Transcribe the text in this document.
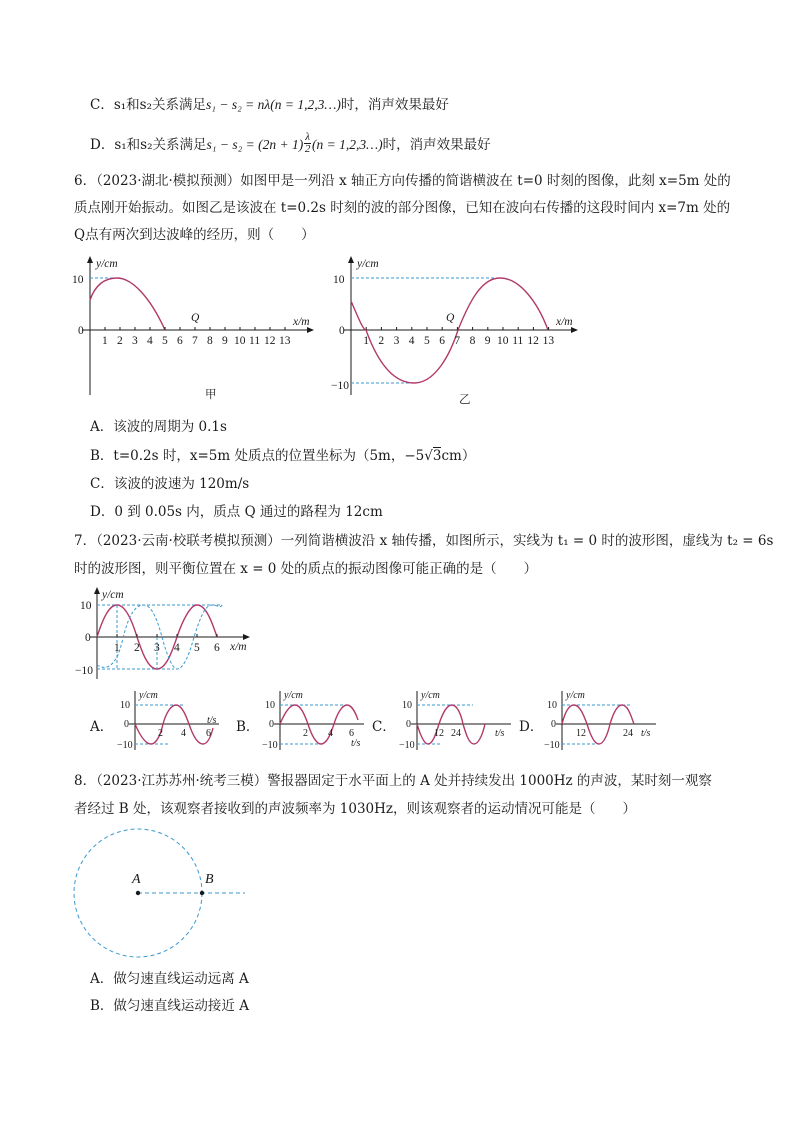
C．s₁和s₂关系满足s₁ − s₂ = nλ(n = 1,2,3…)时，消声效果最好
D．s₁和s₂关系满足$s_1 - s_2 = (2n + 1) \frac{\lambda}{2} (n$ = 1,2,3…)时，消声效果最好
6．（2023·湖北·模拟预测）如图甲是一列沿 x 轴正方向传播的简谐横波在 t=0 时刻的图像，此刻 x=5m 处的
质点刚开始振动。如图乙是该波在 t=0.2s 时刻的波的部分图像，已知在波向右传播的这段时间内 x=7m 处的
Q点有两次到达波峰的经历，则（　　）
y/cm
x/m
10
0
1 2 3 4 5 6 7 8 9 10 11 12 13
Q
甲
y/cm
x/m
10
−10
0
1 2 3 4 5 6 7 8 9 10 11 12 13
Q
乙
A．该波的周期为 0.1s
B．t=0.2s 时，x=5m 处质点的位置坐标为（5m，−5√3cm）
C．该波的波速为 120m/s
D．0 到 0.05s 内，质点 Q 通过的路程为 12cm
7．（2023·云南·校联考模拟预测）一列简谐横波沿 x 轴传播，如图所示，实线为 t₁ = 0 时的波形图，虚线为 t₂ = 6s
时的波形图，则平衡位置在 x = 0 处的质点的振动图像可能正确的是（　　）
y/cm
x/m
10
−10
0
1 2 3 4 5 6
A．	B．	C．	D．
y/cm
10
0
−10
2 4 6
t/s
y/cm
10
0
−10
2 4 6
t/s
y/cm
10
0
−10
12 24	t/s
y/cm
10
0
−10
12	24 t/s
8．（2023·江苏苏州·统考三模）警报器固定于水平面上的 A 处并持续发出 1000Hz 的声波，某时刻一观察
者经过 B 处，该观察者接收到的声波频率为 1030Hz，则该观察者的运动情况可能是（　　）
A	B
A．做匀速直线运动远离 A
B．做匀速直线运动接近 A
